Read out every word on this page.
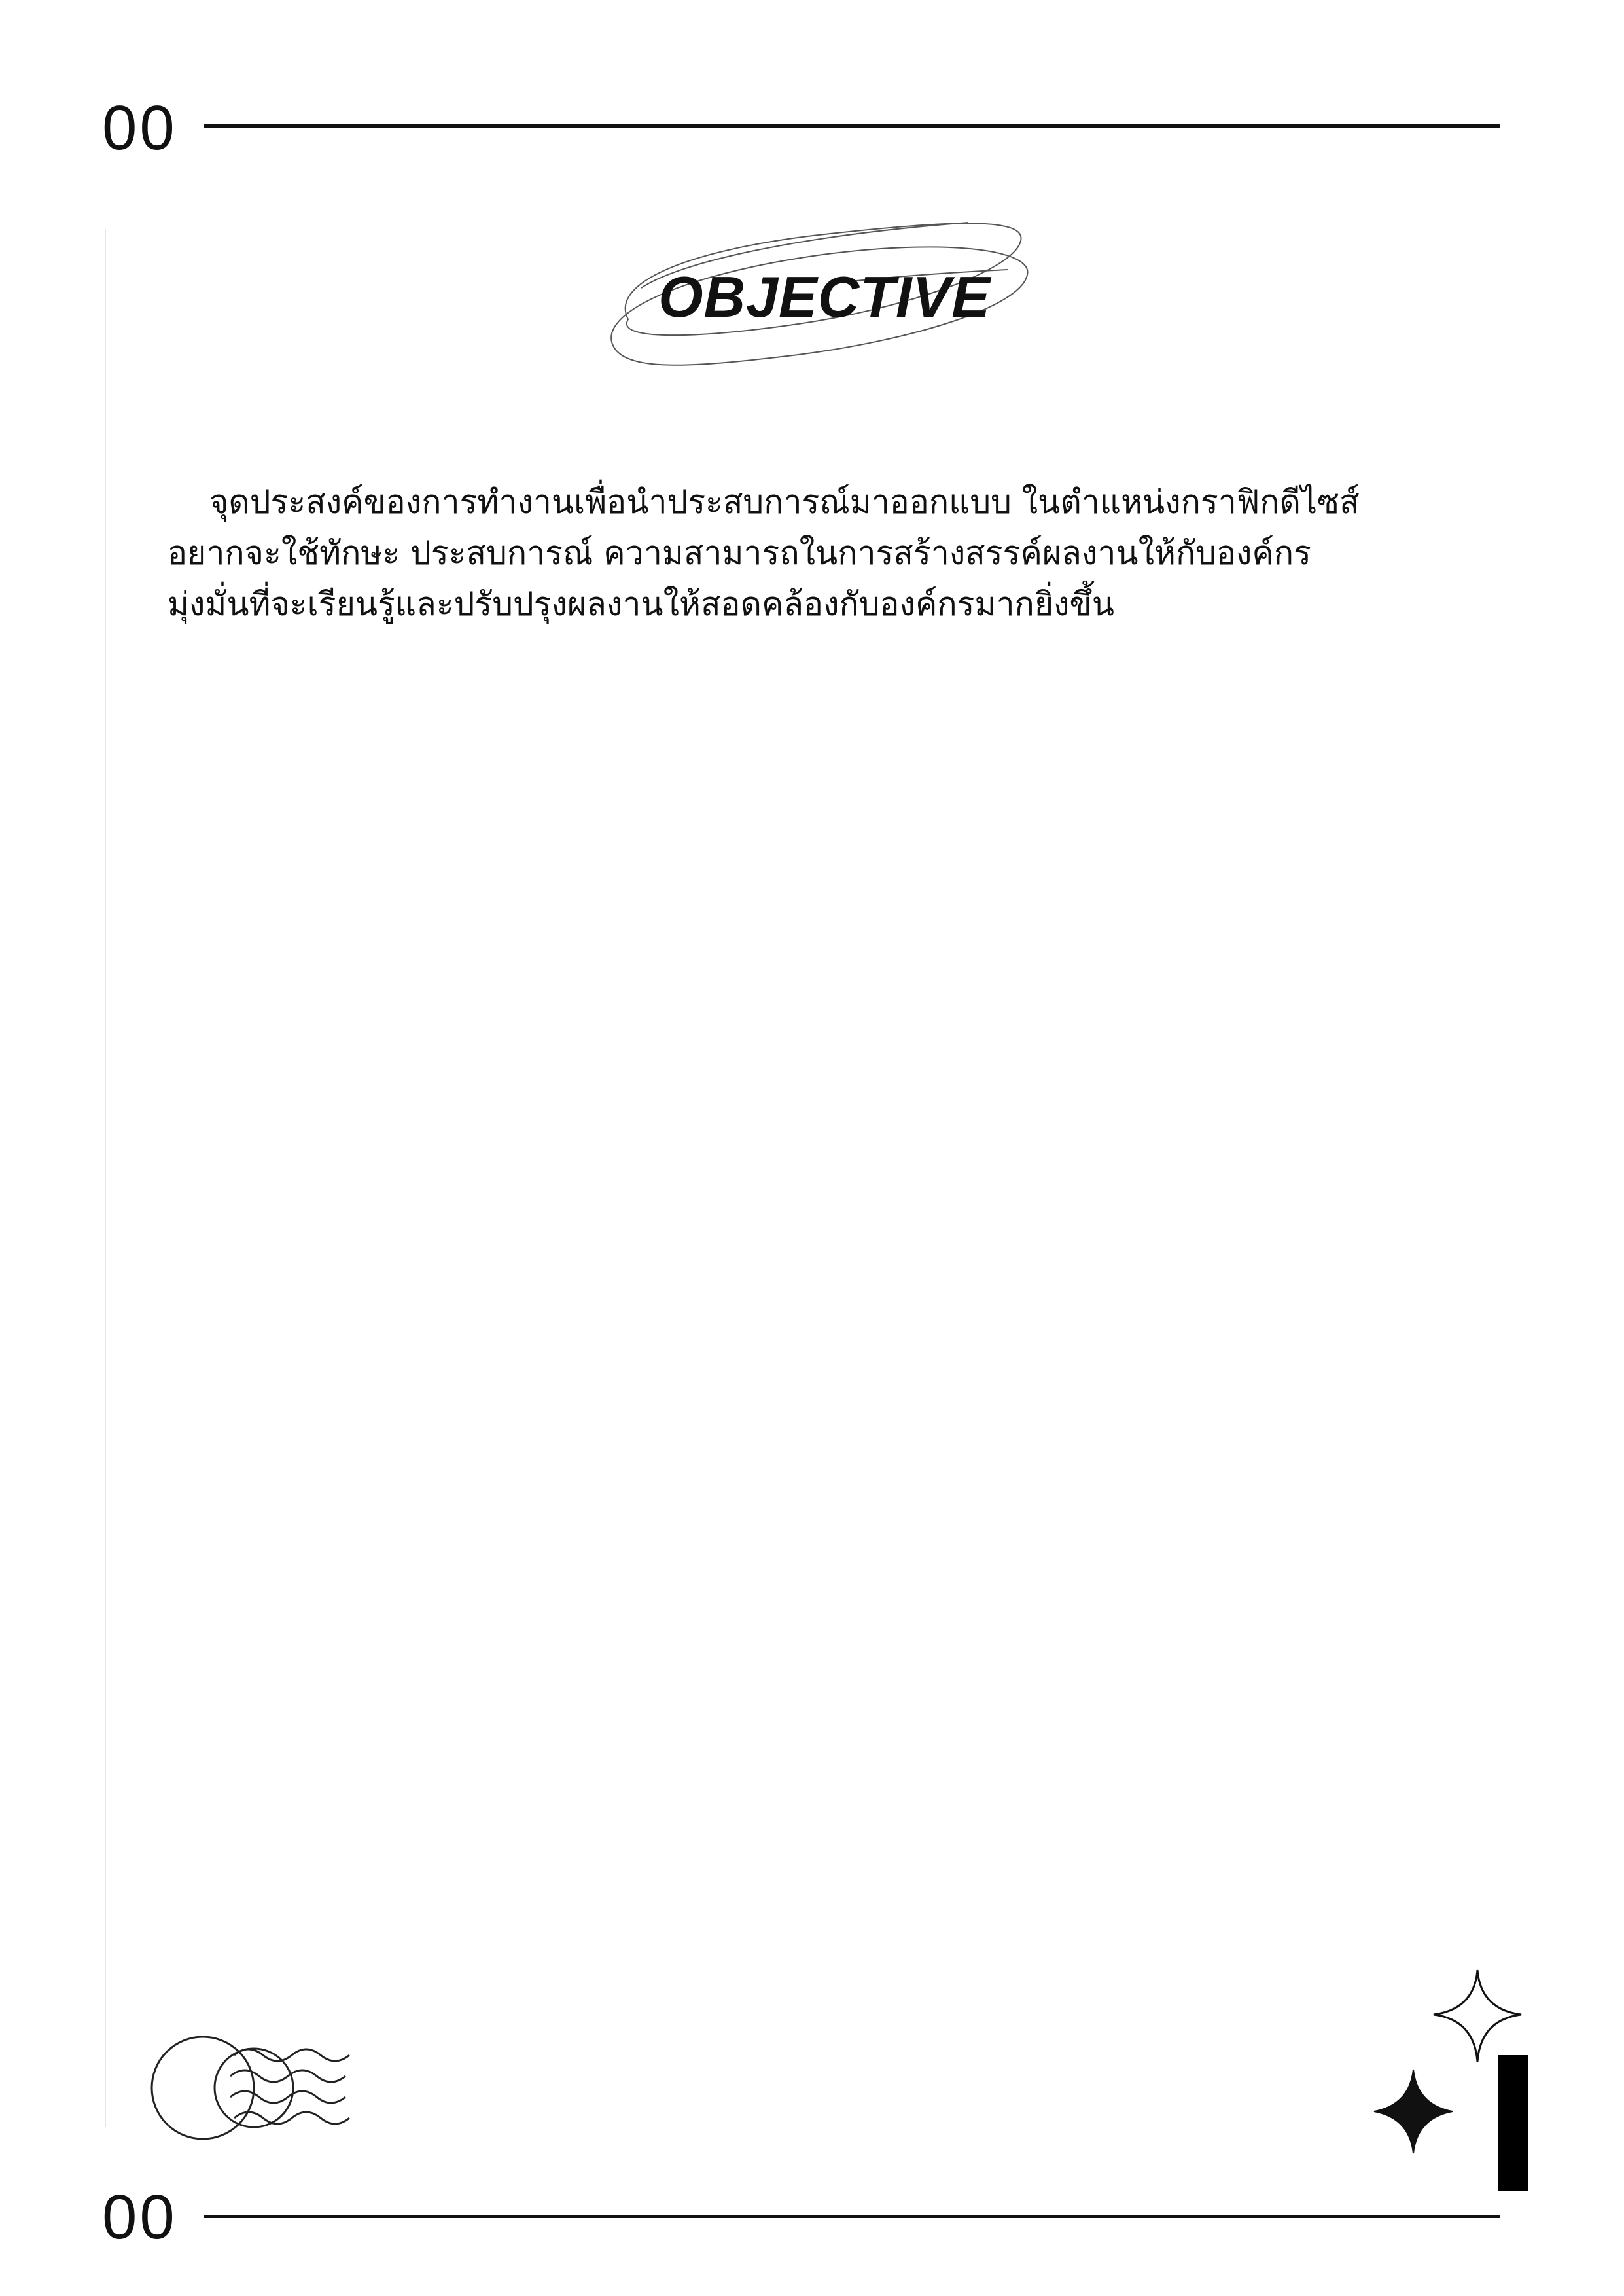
00
OBJECTIVE

จุดประสงค์ของการทำงานเพื่อนำประสบการณ์มาออกแบบ ในตำแหน่งกราฟิกดีไซส์
อยากจะใช้ทักษะ ประสบการณ์ ความสามารถในการสร้างสรรค์ผลงานให้กับองค์กร
มุ่งมั่นที่จะเรียนรู้และปรับปรุงผลงานให้สอดคล้องกับองค์กรมากยิ่งขึ้น

00
